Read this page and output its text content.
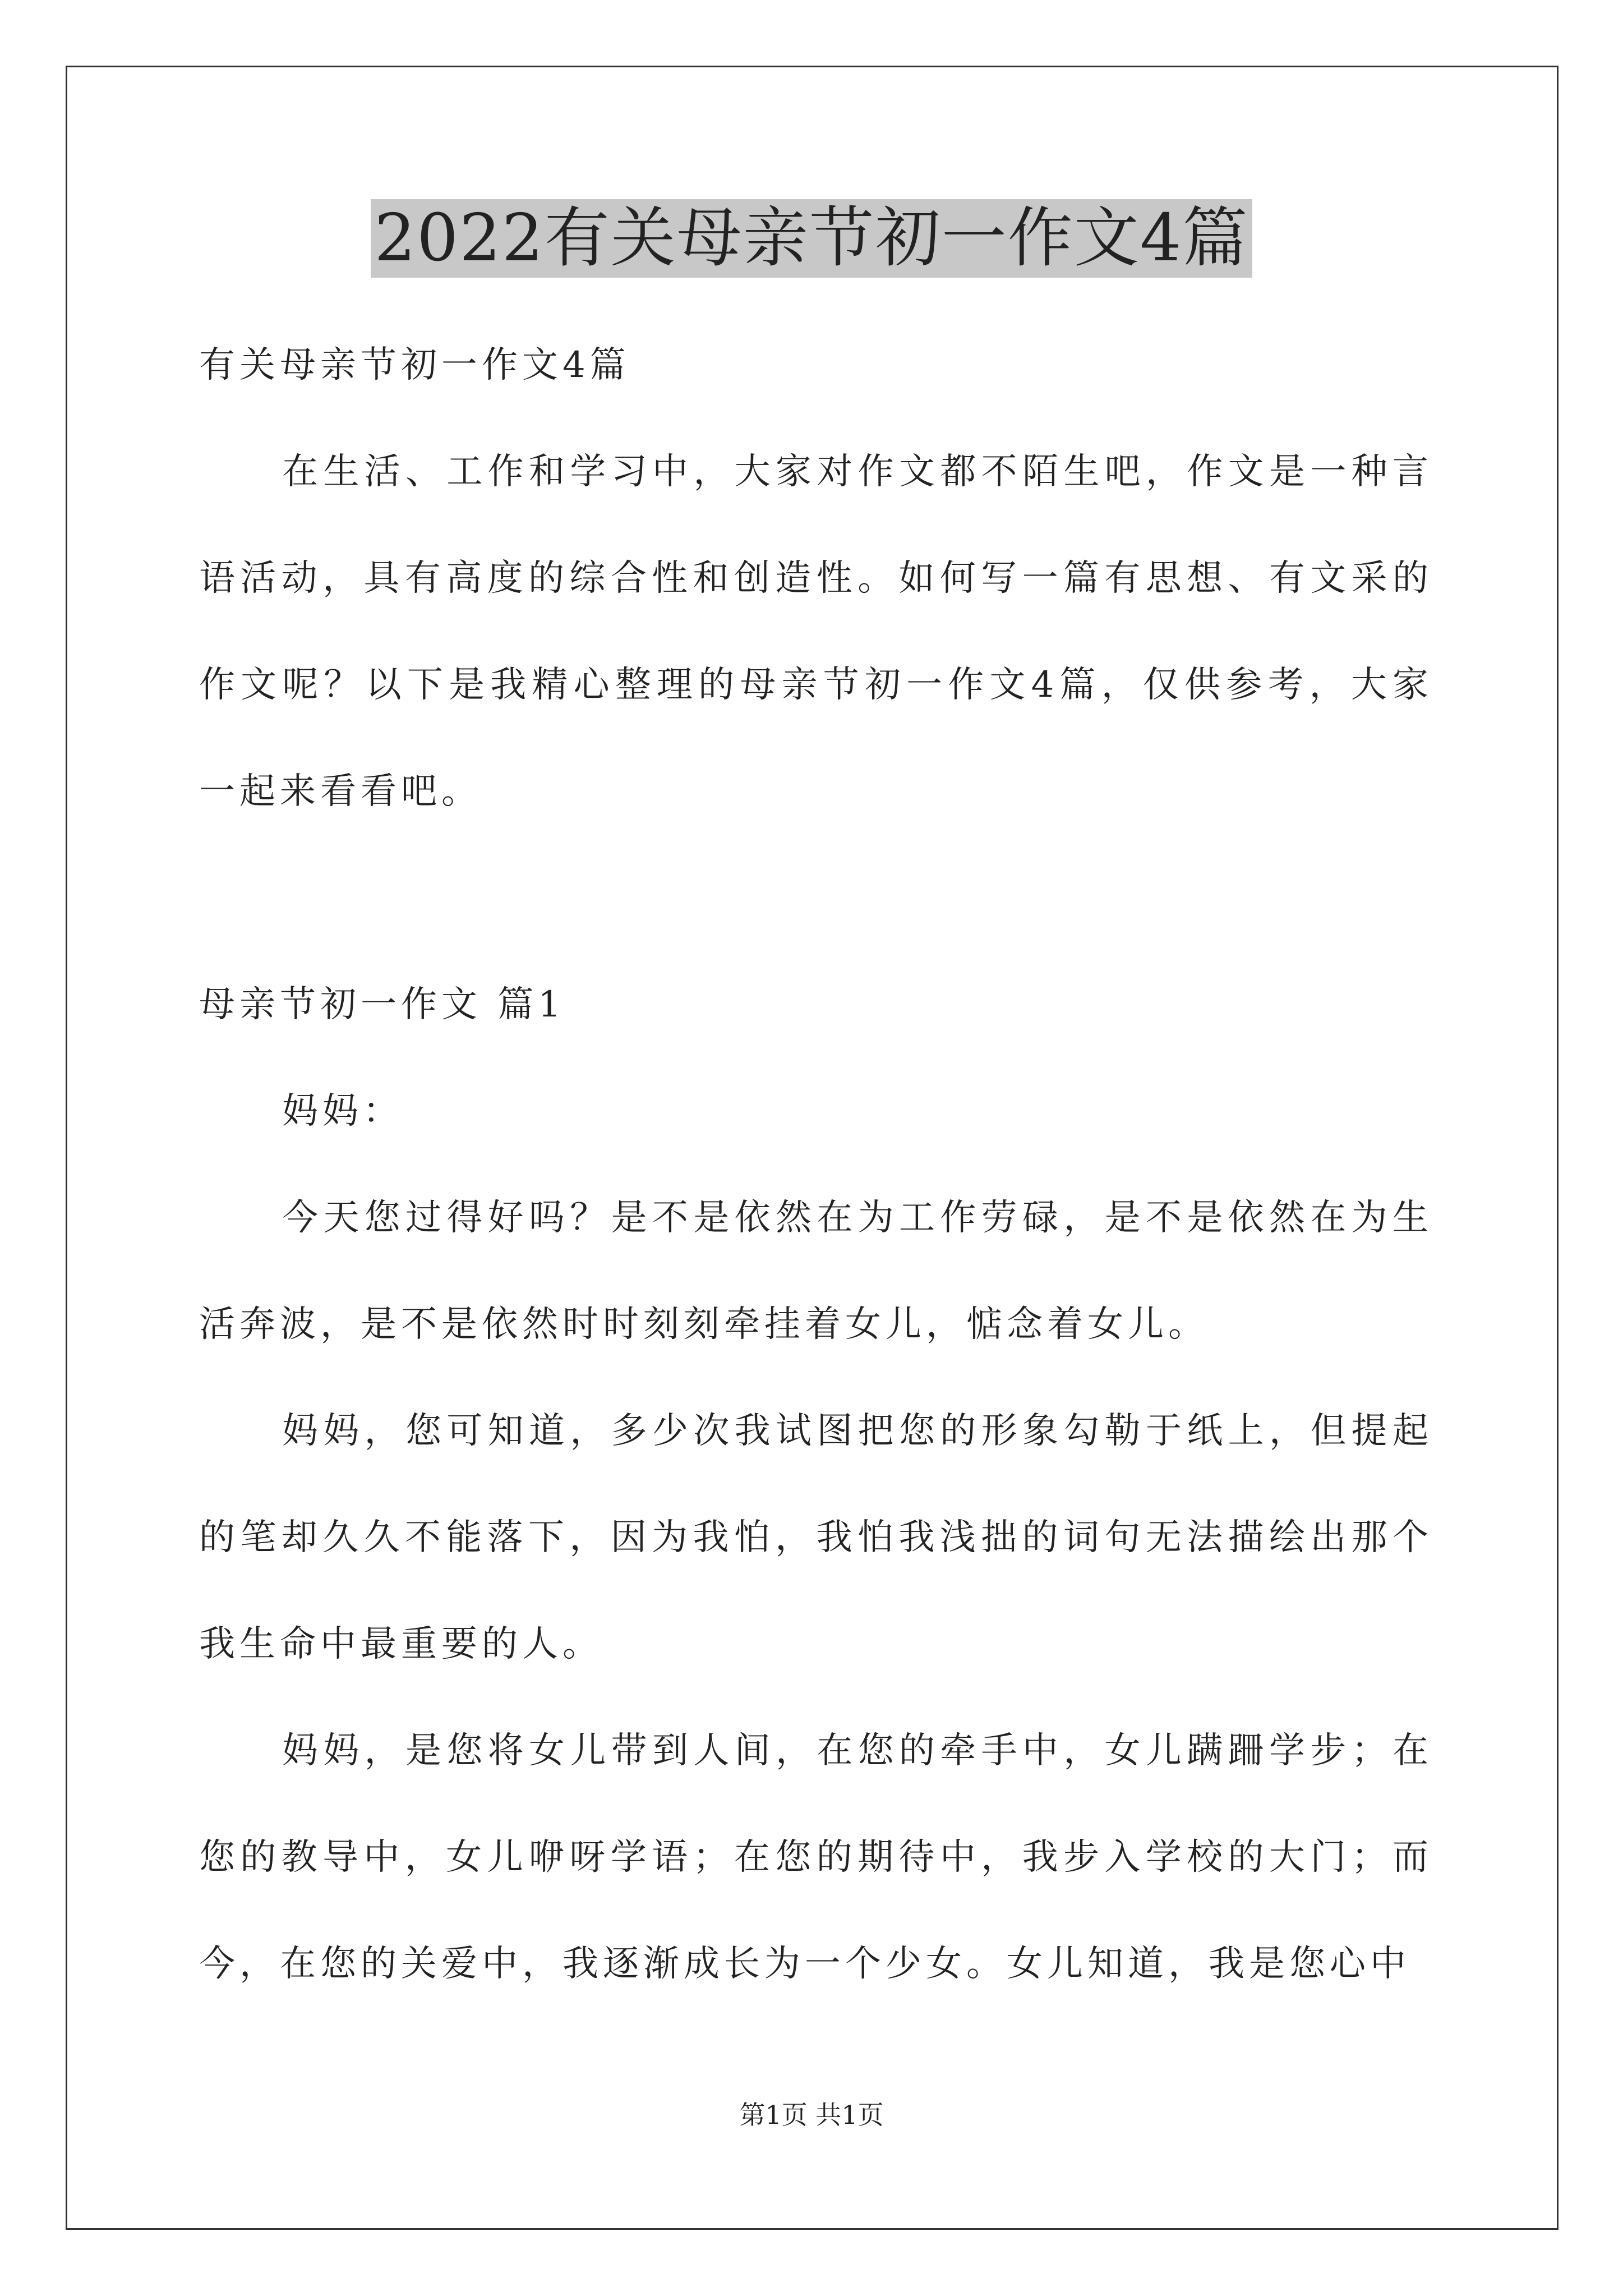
2022有关母亲节初一作文4篇

有关母亲节初一作文4篇

在生活、工作和学习中，大家对作文都不陌生吧，作文是一种言语活动，具有高度的综合性和创造性。如何写一篇有思想、有文采的作文呢？以下是我精心整理的母亲节初一作文4篇，仅供参考，大家一起来看看吧。

母亲节初一作文 篇1

妈妈：

今天您过得好吗？是不是依然在为工作劳碌，是不是依然在为生活奔波，是不是依然时时刻刻牵挂着女儿，惦念着女儿。

妈妈，您可知道，多少次我试图把您的形象勾勒于纸上，但提起的笔却久久不能落下，因为我怕，我怕我浅拙的词句无法描绘出那个我生命中最重要的人。

妈妈，是您将女儿带到人间，在您的牵手中，女儿蹒跚学步；在您的教导中，女儿咿呀学语；在您的期待中，我步入学校的大门；而今，在您的关爱中，我逐渐成长为一个少女。女儿知道，我是您心中

第1页 共1页
